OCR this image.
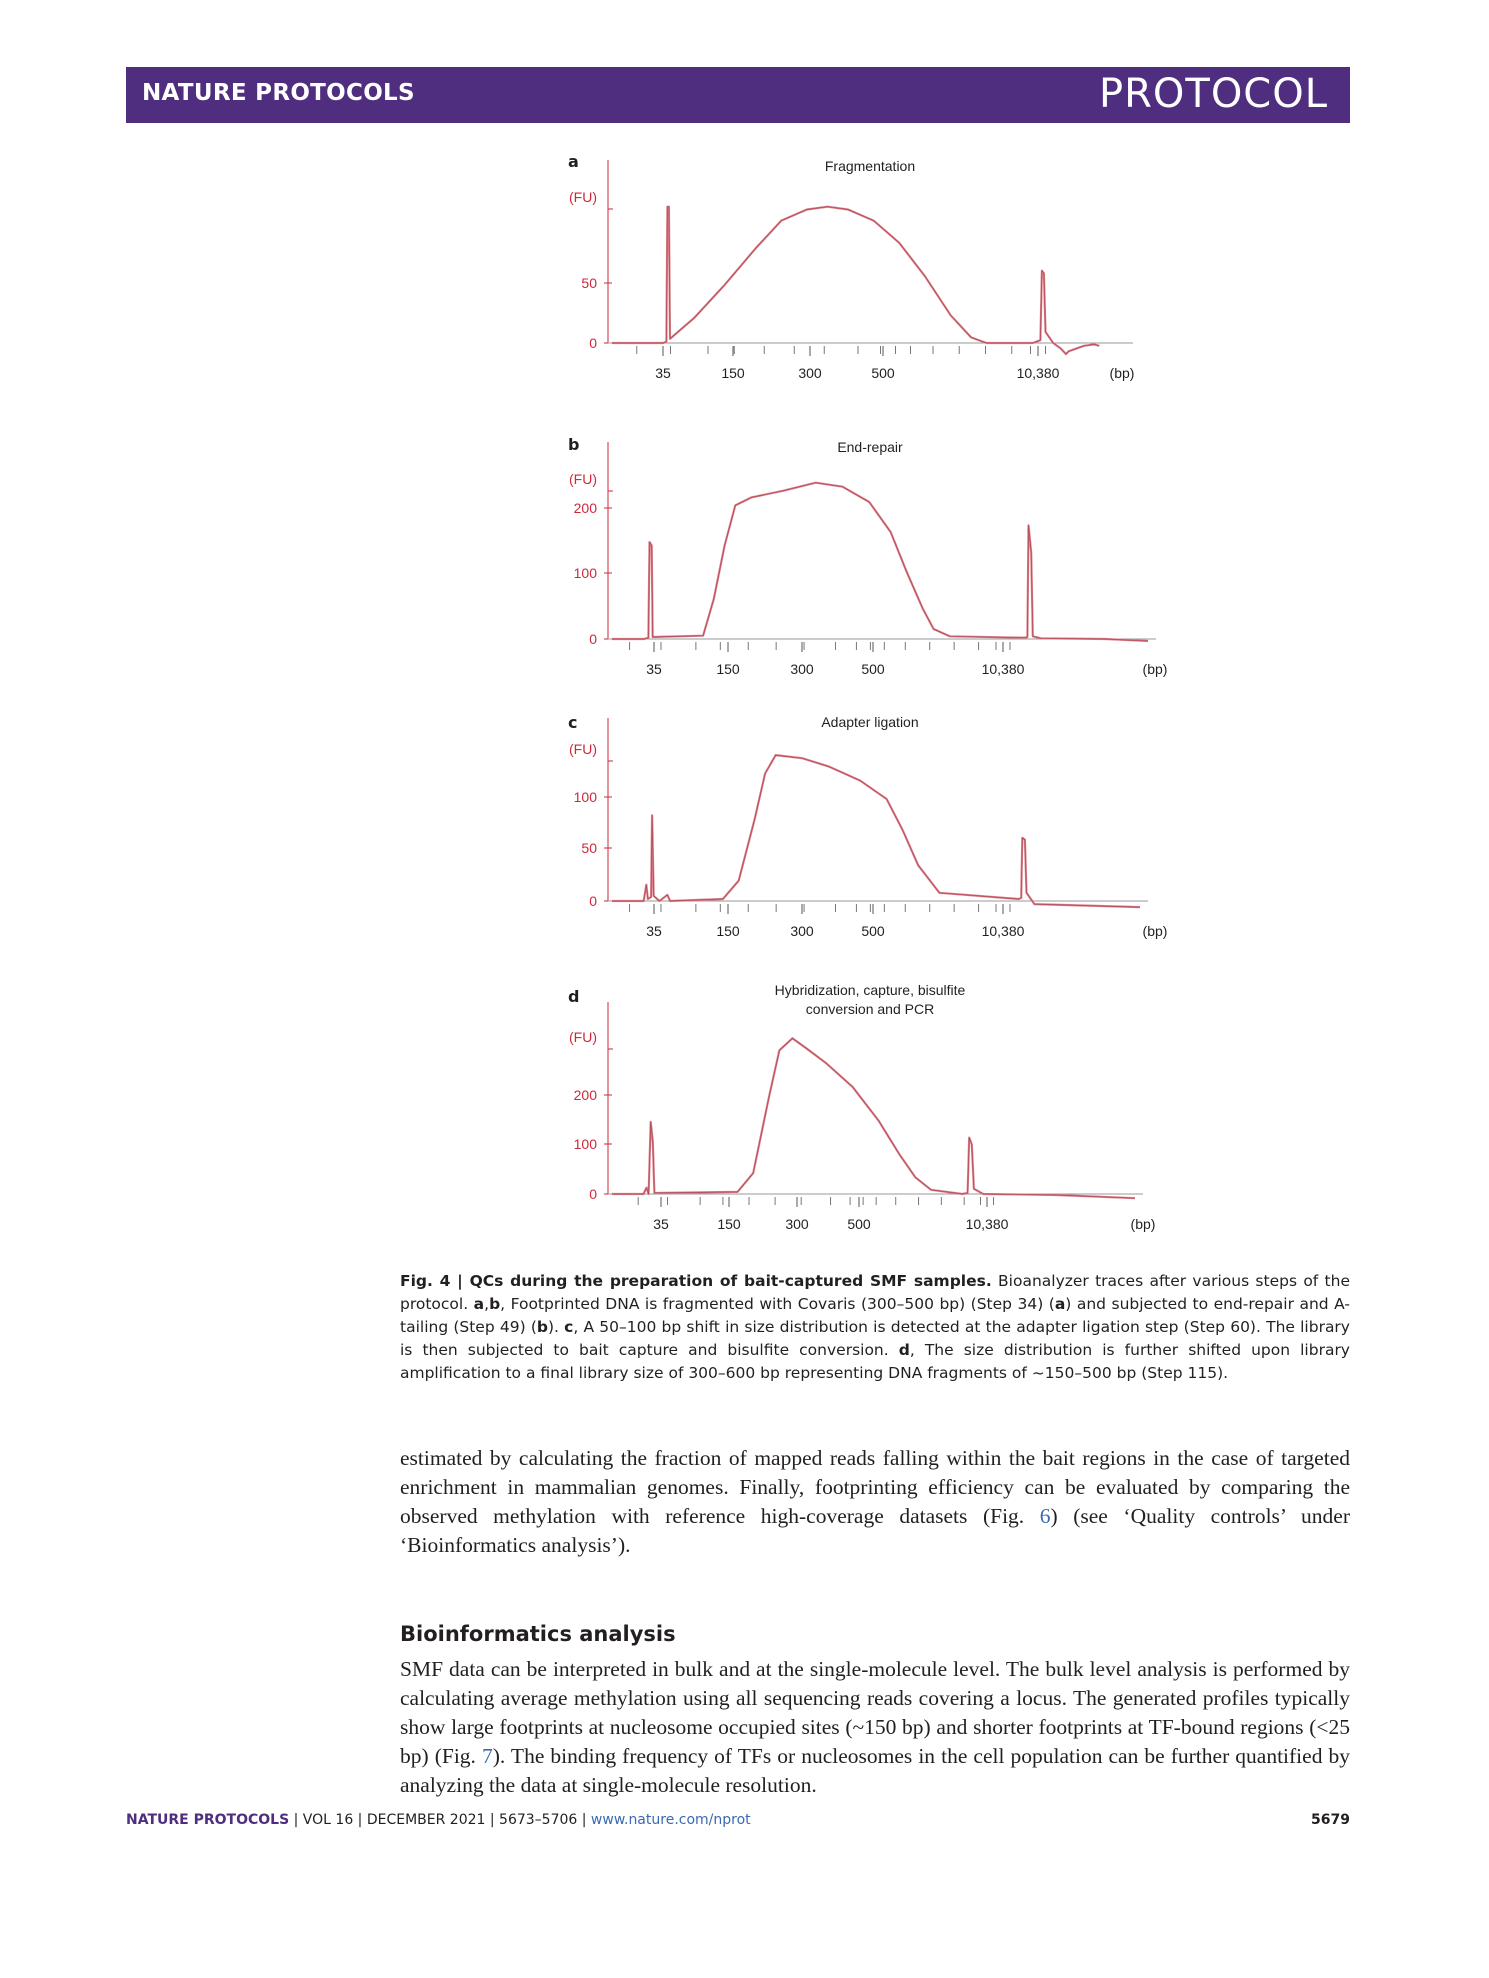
NATURE PROTOCOLS	PROTOCOL
a
b
c
d
Fragmentation
(FU)
0
50
35	150	300	500	10,380	(bp)
End-repair
(FU)
0
100
200
35	150	300	500	10,380	(bp)
Adapter ligation
(FU)
0
50
100
35	150	300	500	10,380	(bp)
Hybridization, capture, bisulfite
conversion and PCR
(FU)
0
100
200
35	150	300	500	10,380	(bp)
Fig. 4 | QCs during the preparation of bait-captured SMF samples. Bioanalyzer traces after various steps of the protocol. a,b, Footprinted DNA is fragmented with Covaris (300–500 bp) (Step 34) (a) and subjected to end-repair and A-tailing (Step 49) (b). c, A 50–100 bp shift in size distribution is detected at the adapter ligation step (Step 60). The library is then subjected to bait capture and bisulfite conversion. d, The size distribution is further shifted upon library amplification to a final library size of 300–600 bp representing DNA fragments of ~150–500 bp (Step 115).

estimated by calculating the fraction of mapped reads falling within the bait regions in the case of targeted enrichment in mammalian genomes. Finally, footprinting efficiency can be evaluated by comparing the observed methylation with reference high-coverage datasets (Fig. 6) (see ‘Quality controls’ under ‘Bioinformatics analysis’).

Bioinformatics analysis

SMF data can be interpreted in bulk and at the single-molecule level. The bulk level analysis is performed by calculating average methylation using all sequencing reads covering a locus. The generated profiles typically show large footprints at nucleosome occupied sites (~150 bp) and shorter footprints at TF-bound regions (<25 bp) (Fig. 7). The binding frequency of TFs or nucleosomes in the cell population can be further quantified by analyzing the data at single-molecule resolution.

NATURE PROTOCOLS | VOL 16 | DECEMBER 2021 | 5673–5706 | www.nature.com/nprot	5679
